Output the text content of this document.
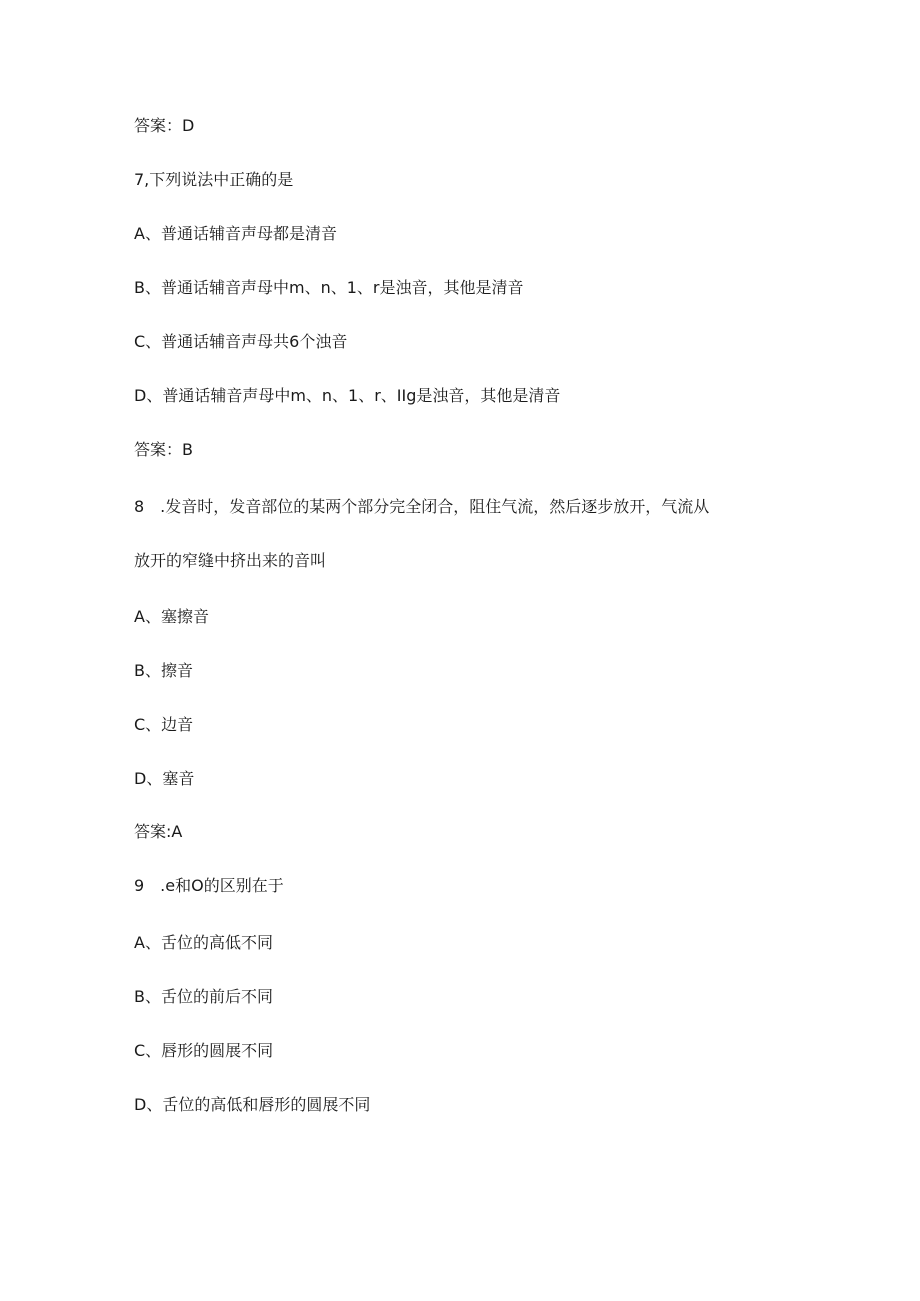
答案：D
7,下列说法中正确的是
A、普通话辅音声母都是清音
B、普通话辅音声母中m、n、1、r是浊音，其他是清音
C、普通话辅音声母共6个浊音
D、普通话辅音声母中m、n、1、r、IIg是浊音，其他是清音
答案：B
8　.发音时，发音部位的某两个部分完全闭合，阻住气流，然后逐步放开，气流从
放开的窄缝中挤出来的音叫
A、塞擦音
B、擦音
C、边音
D、塞音
答案:A
9　.e和O的区别在于
A、舌位的高低不同
B、舌位的前后不同
C、唇形的圆展不同
D、舌位的高低和唇形的圆展不同
